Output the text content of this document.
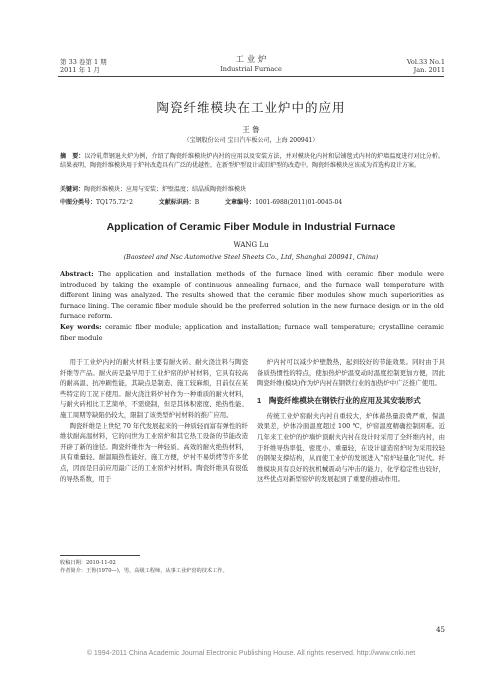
第 33 卷第 1 期
2011 年 1 月
工 业 炉
Industrial Furnace
Vol.33 No.1
Jan. 2011
陶瓷纤维模块在工业炉中的应用
王 鲁
（宝钢股份公司 宝日汽车板公司，上海 200941）
摘　要：以冷轧带钢退火炉为例，介绍了陶瓷纤维模块炉内衬的应用以及安装方法，并对模块化内衬和层铺毯式内衬的炉墙温度进行对比分析。结果表明，陶瓷纤维模块用于炉衬改造具有广泛的优越性，在新型炉型设计或旧炉型的改造中，陶瓷纤维模块应该成为首选构设计方案。
关键词：陶瓷纤维模块；应用与安装；炉壁温度；结晶质陶瓷纤维模块
中图分类号：TQ175.72⁺2	文献标识码：B	文章编号：1001-6988(2011)01-0045-04
Application of Ceramic Fiber Module in Industrial Furnace
WANG Lu
(Baosteel and Nsc Automotive Steel Sheets Co., Ltd, Shanghai 200941, China)
Abstract: The application and installation methods of the furnace lined with ceramic fiber module were introduced by taking the example of continuous annealing furnace, and the furnace wall temperature with different lining was analyzed. The results showed that the ceramic fiber modules show much superiorities as furnace lining. The ceramic fiber module should be the preferred solution in the new furnace design or in the old furnace reform.
Key words: ceramic fiber module; application and installation; furnace wall temperature; crystalline ceramic fiber module

用于工业炉内衬的耐火材料主要有耐火砖、耐火浇注料与陶瓷纤维等产品。耐火砖是最早用于工业炉窑的炉衬材料，它具有较高的耐高温、抗冲刷性能，其缺点是制造、施工较麻烦，目前仅在某些特定的工况下使用。耐火浇注料炉衬作为一种重质的耐火材料，与耐火砖相比工艺简单，不需烧制，但是其体积密度、绝热性能、施工周期等缺陷仍较大，限制了该类型炉衬材料的推广应用。

陶瓷纤维是上世纪 70 年代发展起来的一种质轻而富有弹性的纤维状耐高温材料，它的问世为工业窑炉和其它热工设备的节能改造开辟了新的途径。陶瓷纤维作为一种轻质、高效的耐火绝热材料，具有重量轻、耐温隔热性能好、施工方便，炉衬不易烘烤等许多优点，因而是目前应用最广泛的工业窑炉衬材料。陶瓷纤维具有很低的导热系数，用于

收稿日期：2010-11-02
作者简介：王鲁(1970—)，男，高级工程师，从事工业炉窑的技术工作。

炉内衬可以减少炉壁散热，起到较好的节能效果。同时由于具备质热惯性的特点，使加热炉炉温变动时温度控制更加方便，因此陶瓷纤维(模块)作为炉内衬在钢铁行业的加热炉中广泛推广使用。

1　陶瓷纤维模块在钢铁行业的应用及其安装形式

传统工业炉窑耐火内衬自重较大，炉体蓄热量浪费严重，保温效果差，炉体冷面温度超过 100 ℃，炉窑温度精确控制困难。近几年来工业炉的炉墙炉顶耐火内衬在设计时采用了全纤维内衬，由于纤维导热率低、密度小、重量轻，在设计建造窑炉时为采用较轻的钢架支撑结构，从而使工业炉的发展进入“窑炉轻量化”时代。纤维模块具有良好的抗机械震动与冲击的能力，化学稳定性也较好，这些优点对新型窑炉的发展起到了重要的推动作用。

45
© 1994-2011 China Academic Journal Electronic Publishing House. All rights reserved. http://www.cnki.net
